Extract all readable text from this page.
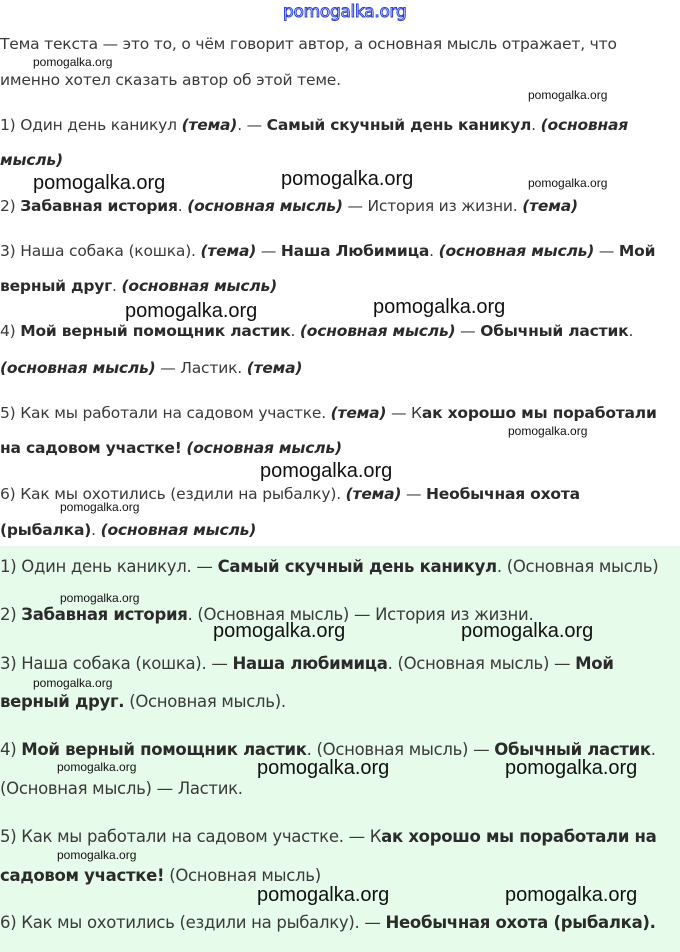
pomogalka.org
Тема текста — это то, о чём говорит автор, а основная мысль отражает, что
именно хотел сказать автор об этой теме.
1) Один день каникул (тема). — Самый скучный день каникул. (основная
мысль)
2) Забавная история. (основная мысль) — История из жизни. (тема)
3) Наша собака (кошка). (тема) — Наша Любимица. (основная мысль) — Мой
верный друг. (основная мысль)
4) Мой верный помощник ластик. (основная мысль) — Обычный ластик.
(основная мысль) — Ластик. (тема)
5) Как мы работали на садовом участке. (тема) — Как хорошо мы поработали
на садовом участке! (основная мысль)
6) Как мы охотились (ездили на рыбалку). (тема) — Необычная охота
(рыбалка). (основная мысль)
1) Один день каникул. — Самый скучный день каникул. (Основная мысль)
2) Забавная история. (Основная мысль) — История из жизни.
3) Наша собака (кошка). — Наша любимица. (Основная мысль) — Мой
верный друг. (Основная мысль).
4) Мой верный помощник ластик. (Основная мысль) — Обычный ластик.
(Основная мысль) — Ластик.
5) Как мы работали на садовом участке. — Как хорошо мы поработали на
садовом участке! (Основная мысль)
6) Как мы охотились (ездили на рыбалку). — Необычная охота (рыбалка).
pomogalka.org
pomogalka.org
pomogalka.org	pomogalka.org	pomogalka.org
pomogalka.org	pomogalka.org
pomogalka.org
pomogalka.org
pomogalka.org
pomogalka.org
pomogalka.org	pomogalka.org
pomogalka.org
pomogalka.org	pomogalka.org	pomogalka.org
pomogalka.org
pomogalka.org	pomogalka.org
